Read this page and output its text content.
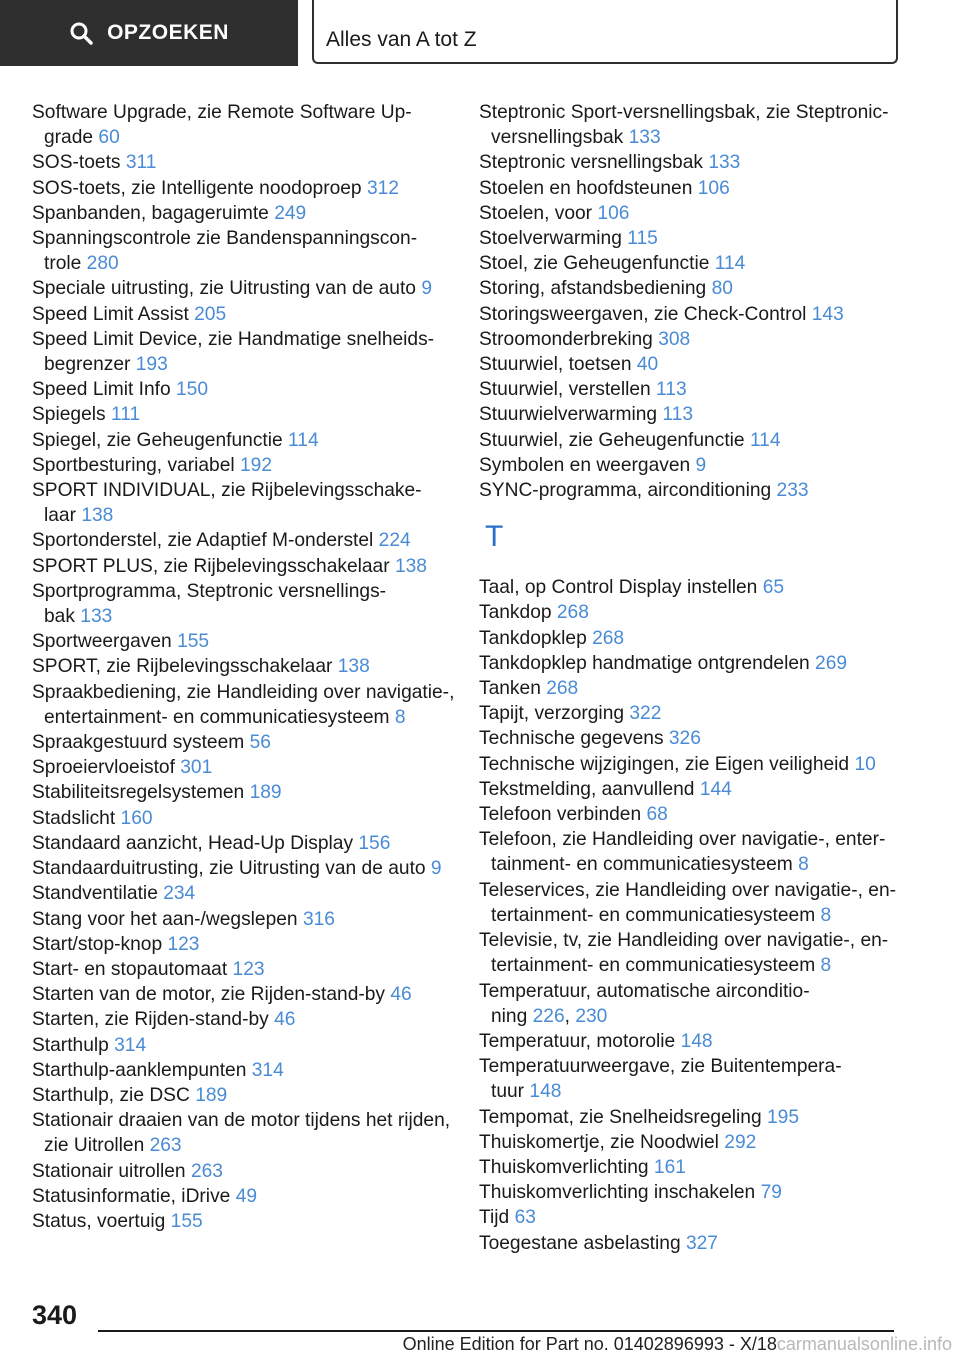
OPZOEKEN	Alles van A tot Z

Software Upgrade, zie Remote Software Up-
grade 60

SOS-toets 311

SOS-toets, zie Intelligente noodoproep 312

Spanbanden, bagageruimte 249

Spanningscontrole zie Bandenspanningscon-
trole 280

Speciale uitrusting, zie Uitrusting van de auto 9

Speed Limit Assist 205

Speed Limit Device, zie Handmatige snelheids-
begrenzer 193

Speed Limit Info 150

Spiegels 111

Spiegel, zie Geheugenfunctie 114

Sportbesturing, variabel 192

SPORT INDIVIDUAL, zie Rijbelevingsschake-
laar 138

Sportonderstel, zie Adaptief M-onderstel 224

SPORT PLUS, zie Rijbelevingsschakelaar 138

Sportprogramma, Steptronic versnellings-
bak 133

Sportweergaven 155

SPORT, zie Rijbelevingsschakelaar 138

Spraakbediening, zie Handleiding over navigatie-,
entertainment- en communicatiesysteem 8

Spraakgestuurd systeem 56

Sproeiervloeistof 301

Stabiliteitsregelsystemen 189

Stadslicht 160

Standaard aanzicht, Head-Up Display 156

Standaarduitrusting, zie Uitrusting van de auto 9

Standventilatie 234

Stang voor het aan-/wegslepen 316

Start/stop-knop 123

Start- en stopautomaat 123

Starten van de motor, zie Rijden-stand-by 46

Starten, zie Rijden-stand-by 46

Starthulp 314

Starthulp-aanklempunten 314

Starthulp, zie DSC 189

Stationair draaien van de motor tijdens het rijden,
zie Uitrollen 263

Stationair uitrollen 263

Statusinformatie, iDrive 49

Status, voertuig 155

Steptronic Sport-versnellingsbak, zie Steptronic-
versnellingsbak 133

Steptronic versnellingsbak 133

Stoelen en hoofdsteunen 106

Stoelen, voor 106

Stoelverwarming 115

Stoel, zie Geheugenfunctie 114

Storing, afstandsbediening 80

Storingsweergaven, zie Check-Control 143

Stroomonderbreking 308

Stuurwiel, toetsen 40

Stuurwiel, verstellen 113

Stuurwielverwarming 113

Stuurwiel, zie Geheugenfunctie 114

Symbolen en weergaven 9

SYNC-programma, airconditioning 233

T

Taal, op Control Display instellen 65

Tankdop 268

Tankdopklep 268

Tankdopklep handmatige ontgrendelen 269

Tanken 268

Tapijt, verzorging 322

Technische gegevens 326

Technische wijzigingen, zie Eigen veiligheid 10

Tekstmelding, aanvullend 144

Telefoon verbinden 68

Telefoon, zie Handleiding over navigatie-, enter-
tainment- en communicatiesysteem 8

Teleservices, zie Handleiding over navigatie-, en-
tertainment- en communicatiesysteem 8

Televisie, tv, zie Handleiding over navigatie-, en-
tertainment- en communicatiesysteem 8

Temperatuur, automatische airconditio-
ning 226, 230

Temperatuur, motorolie 148

Temperatuurweergave, zie Buitentempera-
tuur 148

Tempomat, zie Snelheidsregeling 195

Thuiskomertje, zie Noodwiel 292

Thuiskomverlichting 161

Thuiskomverlichting inschakelen 79

Tijd 63

Toegestane asbelasting 327

340
Online Edition for Part no. 01402896993 - X/18carmanualsonline.info
